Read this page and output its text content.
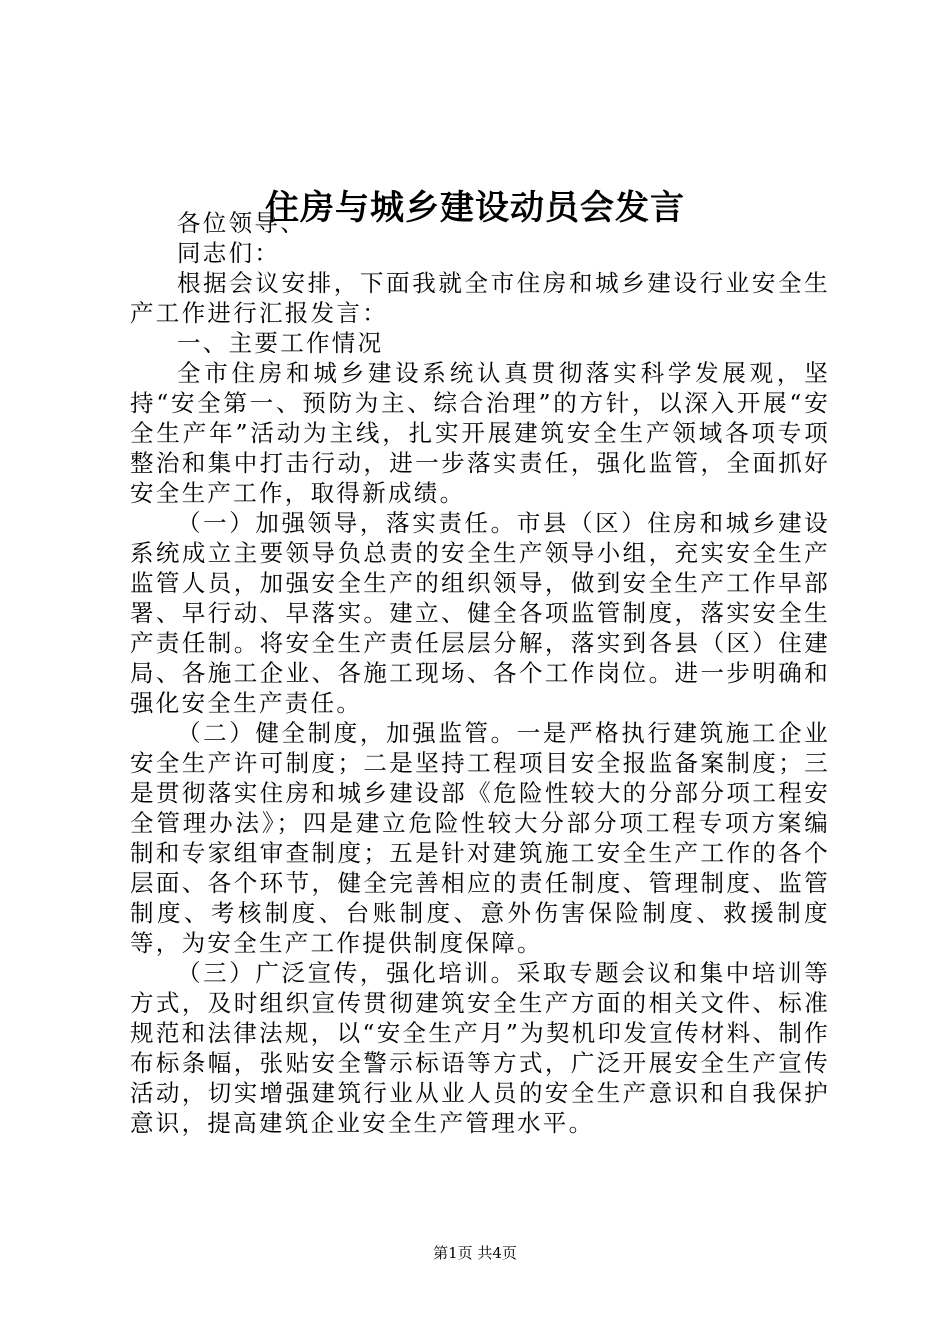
住房与城乡建设动员会发言

各位领导、

同志们：

根据会议安排，下面我就全市住房和城乡建设行业安全生产工作进行汇报发言：

一、主要工作情况

全市住房和城乡建设系统认真贯彻落实科学发展观，坚持“安全第一、预防为主、综合治理”的方针，以深入开展“安全生产年”活动为主线，扎实开展建筑安全生产领域各项专项整治和集中打击行动，进一步落实责任，强化监管，全面抓好安全生产工作，取得新成绩。

（一）加强领导，落实责任。市县（区）住房和城乡建设系统成立主要领导负总责的安全生产领导小组，充实安全生产监管人员，加强安全生产的组织领导，做到安全生产工作早部署、早行动、早落实。建立、健全各项监管制度，落实安全生产责任制。将安全生产责任层层分解，落实到各县（区）住建局、各施工企业、各施工现场、各个工作岗位。进一步明确和强化安全生产责任。

（二）健全制度，加强监管。一是严格执行建筑施工企业安全生产许可制度；二是坚持工程项目安全报监备案制度；三是贯彻落实住房和城乡建设部《危险性较大的分部分项工程安全管理办法》；四是建立危险性较大分部分项工程专项方案编制和专家组审查制度；五是针对建筑施工安全生产工作的各个层面、各个环节，健全完善相应的责任制度、管理制度、监管制度、考核制度、台账制度、意外伤害保险制度、救援制度等，为安全生产工作提供制度保障。

（三）广泛宣传，强化培训。采取专题会议和集中培训等方式，及时组织宣传贯彻建筑安全生产方面的相关文件、标准规范和法律法规，以“安全生产月”为契机印发宣传材料、制作布标条幅，张贴安全警示标语等方式，广泛开展安全生产宣传活动，切实增强建筑行业从业人员的安全生产意识和自我保护意识，提高建筑企业安全生产管理水平。

第1页 共4页
